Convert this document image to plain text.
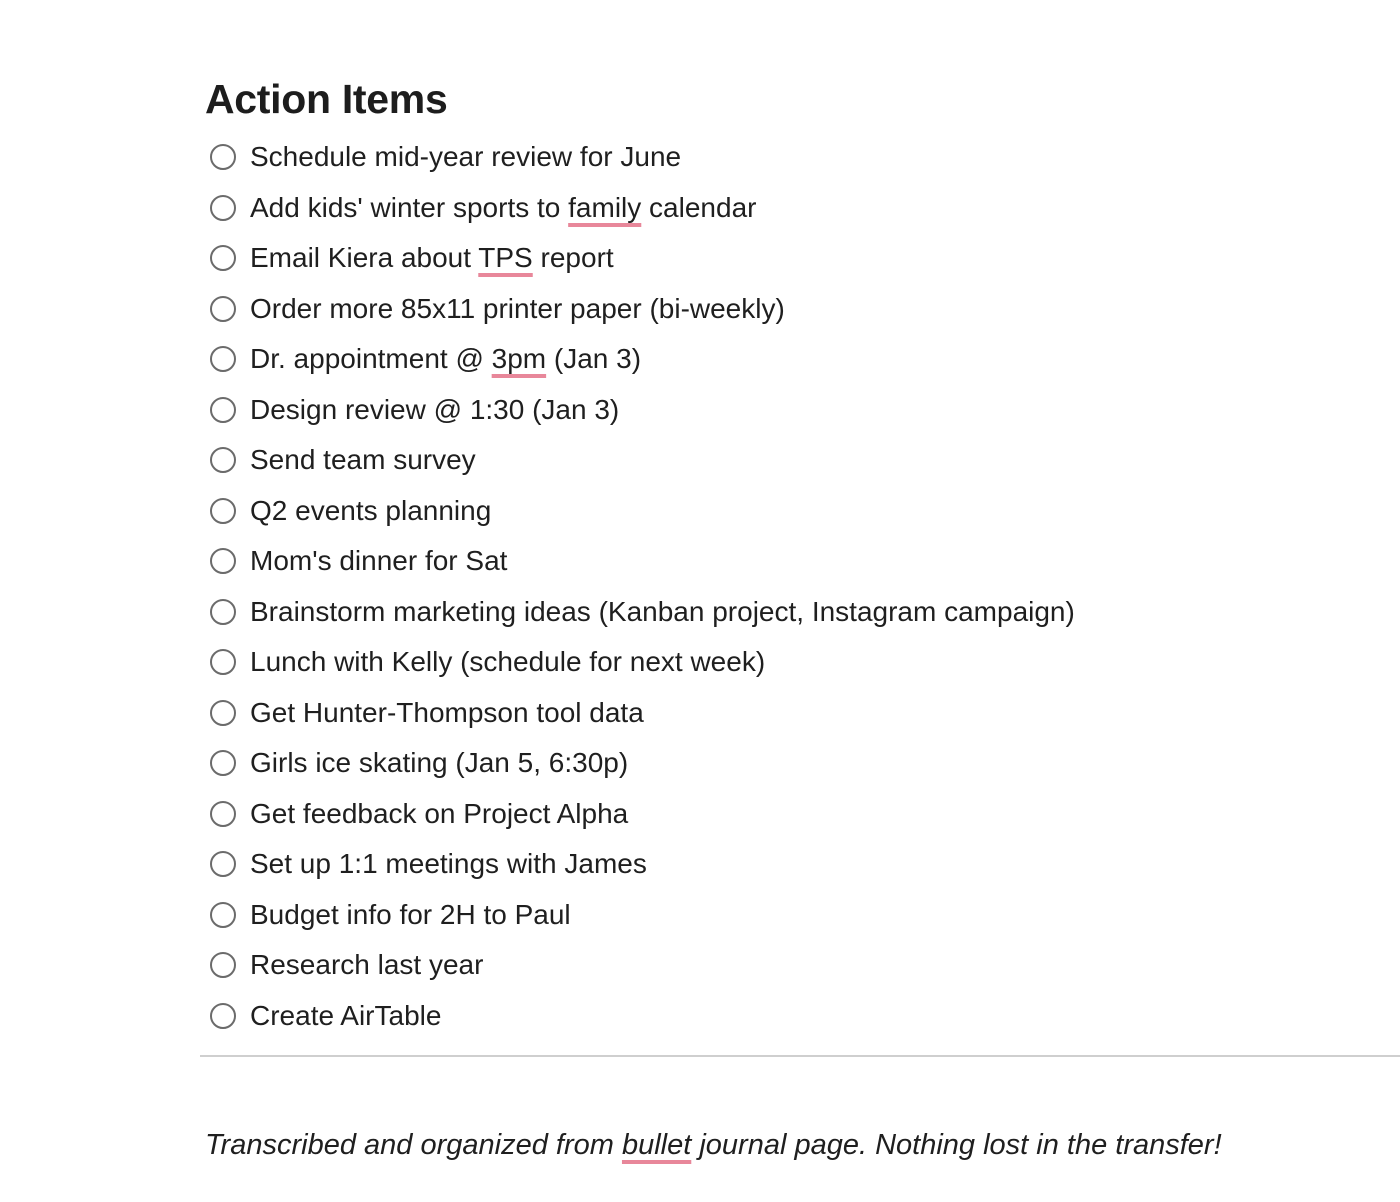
Action Items
Schedule mid-year review for June
Add kids' winter sports to family calendar
Email Kiera about TPS report
Order more 85x11 printer paper (bi-weekly)
Dr. appointment @ 3pm (Jan 3)
Design review @ 1:30 (Jan 3)
Send team survey
Q2 events planning
Mom's dinner for Sat
Brainstorm marketing ideas (Kanban project, Instagram campaign)
Lunch with Kelly (schedule for next week)
Get Hunter-Thompson tool data
Girls ice skating (Jan 5, 6:30p)
Get feedback on Project Alpha
Set up 1:1 meetings with James
Budget info for 2H to Paul
Research last year
Create AirTable

Transcribed and organized from bullet journal page. Nothing lost in the transfer!
